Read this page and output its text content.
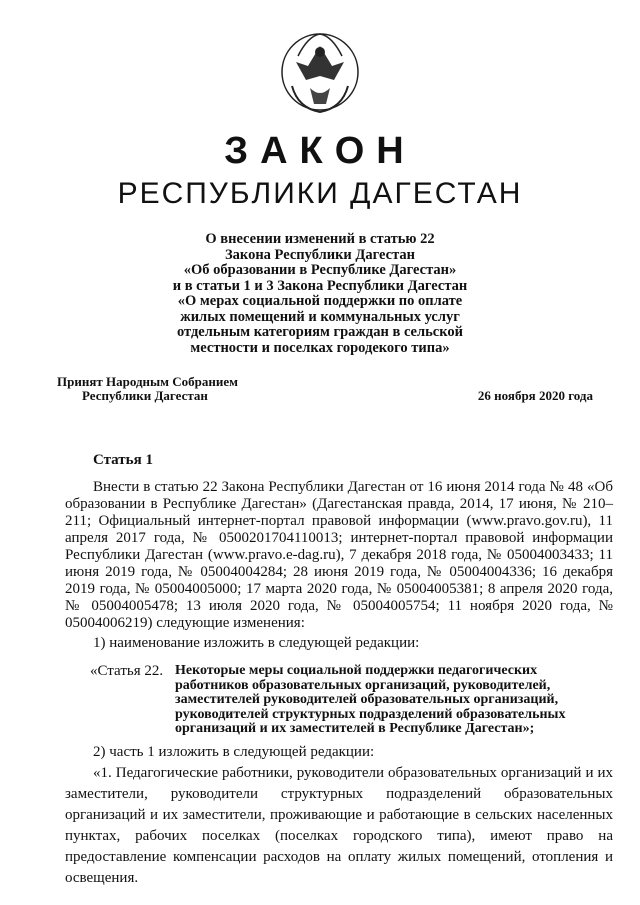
ЗАКОН
РЕСПУБЛИКИ ДАГЕСТАН
О внесении изменений в статью 22
Закона Республики Дагестан
«Об образовании в Республике Дагестан»
и в статьи 1 и 3 Закона Республики Дагестан
«О мерах социальной поддержки по оплате
жилых помещений и коммунальных услуг
отдельным категориям граждан в сельской
местности и поселках городекого типа»
Принят Народным Собранием
Республики Дагестан	26 ноября 2020 года
Статья 1

Внести в статью 22 Закона Республики Дагестан от 16 июня 2014 года № 48 «Об образовании в Республике Дагестан» (Дагестанская правда, 2014, 17 июня, № 210–211; Официальный интернет-портал правовой информации (www.pravo.gov.ru), 11 апреля 2017 года, № 0500201704110013; интернет-портал правовой информации Республики Дагестан (www.pravo.e-dag.ru), 7 декабря 2018 года, № 05004003433; 11 июня 2019 года, № 05004004284; 28 июня 2019 года, № 05004004336; 16 декабря 2019 года, № 05004005000; 17 марта 2020 года, № 05004005381; 8 апреля 2020 года, № 05004005478; 13 июля 2020 года, № 05004005754; 11 ноября 2020 года, № 05004006219) следующие изменения:

1) наименование изложить в следующей редакции:
«Статья 22. Некоторые меры социальной поддержки педагогических работников образовательных организаций, руководителей, заместителей руководителей образовательных организаций, руководителей структурных подразделений образовательных организаций и их заместителей в Республике Дагестан»;
2) часть 1 изложить в следующей редакции:

«1. Педагогические работники, руководители образовательных организаций и их заместители, руководители структурных подразделений образовательных организаций и их заместители, проживающие и работающие в сельских населенных пунктах, рабочих поселках (поселках городского типа), имеют право на предоставление компенсации расходов на оплату жилых помещений, отопления и освещения.
